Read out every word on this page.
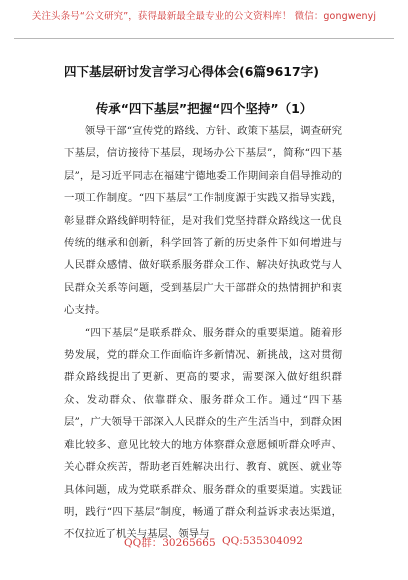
关注头条号“公文研究”，获得最新最全最专业的公文资料库！ 微信：gongwenyj
四下基层研讨发言学习心得体会(6篇9617字)
传承“四下基层”把握“四个坚持”（1）

领导干部“宣传党的路线、方针、政策下基层，调查研究下基层，信访接待下基层，现场办公下基层”，简称“四下基层”，是习近平同志在福建宁德地委工作期间亲自倡导推动的一项工作制度。“四下基层”工作制度源于实践又指导实践，彰显群众路线鲜明特征，是对我们党坚持群众路线这一优良传统的继承和创新，科学回答了新的历史条件下如何增进与人民群众感情、做好联系服务群众工作、解决好执政党与人民群众关系等问题，受到基层广大干部群众的热情拥护和衷心支持。

“四下基层”是联系群众、服务群众的重要渠道。随着形势发展，党的群众工作面临许多新情况、新挑战，这对贯彻群众路线提出了更新、更高的要求，需要深入做好组织群众、发动群众、依靠群众、服务群众工作。通过“四下基层”，广大领导干部深入人民群众的生产生活当中，到群众困难比较多、意见比较大的地方体察群众意愿倾听群众呼声、关心群众疾苦，帮助老百姓解决出行、教育、就医、就业等具体问题，成为党联系群众、服务群众的重要渠道。实践证明，践行“四下基层”制度，畅通了群众利益诉求表达渠道，不仅拉近了机关与基层、领导与

QQ群：30265665 QQ:535304092
